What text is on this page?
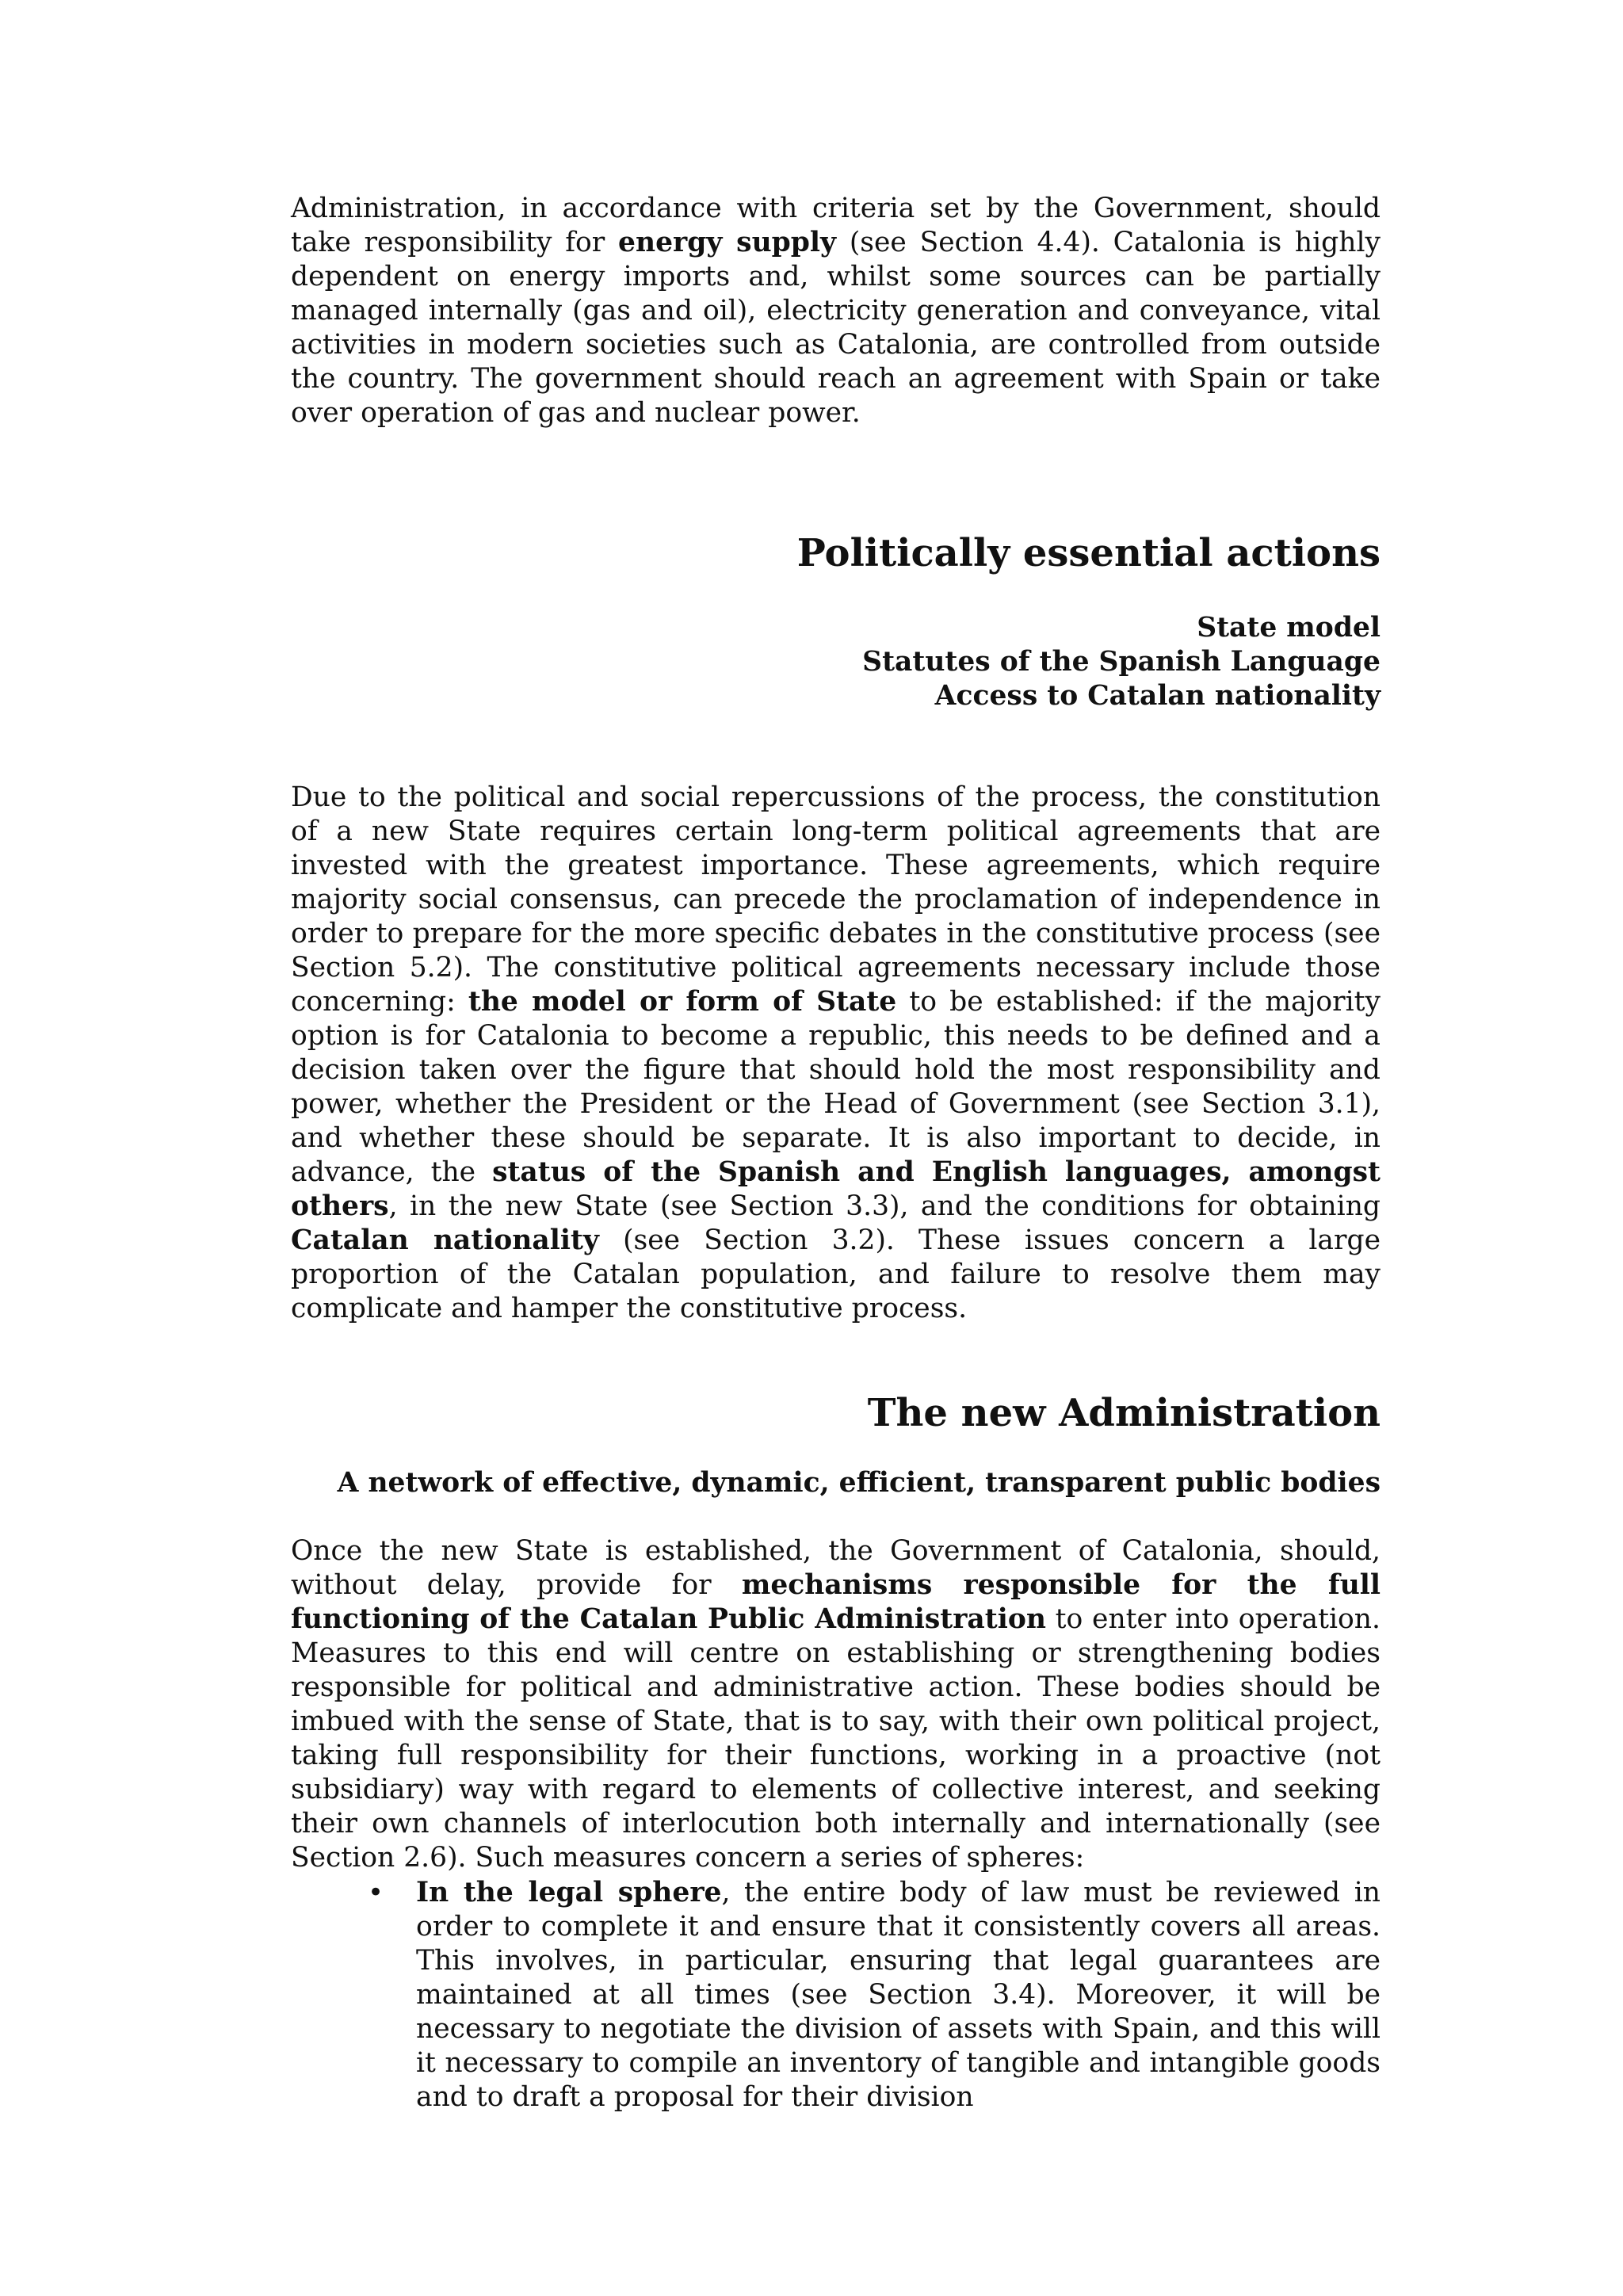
Administration, in accordance with criteria set by the Government, should take responsibility for energy supply (see Section 4.4). Catalonia is highly dependent on energy imports and, whilst some sources can be partially managed internally (gas and oil), electricity generation and conveyance, vital activities in modern societies such as Catalonia, are controlled from outside the country. The government should reach an agreement with Spain or take over operation of gas and nuclear power.

Politically essential actions
State model
Statutes of the Spanish Language
Access to Catalan nationality

Due to the political and social repercussions of the process, the constitution of a new State requires certain long-term political agreements that are invested with the greatest importance. These agreements, which require majority social consensus, can precede the proclamation of independence in order to prepare for the more specific debates in the constitutive process (see Section 5.2). The constitutive political agreements necessary include those concerning: the model or form of State to be established: if the majority option is for Catalonia to become a republic, this needs to be defined and a decision taken over the figure that should hold the most responsibility and power, whether the President or the Head of Government (see Section 3.1), and whether these should be separate. It is also important to decide, in advance, the status of the Spanish and English languages, amongst others, in the new State (see Section 3.3), and the conditions for obtaining Catalan nationality (see Section 3.2). These issues concern a large proportion of the Catalan population, and failure to resolve them may complicate and hamper the constitutive process.

The new Administration
A network of effective, dynamic, efficient, transparent public bodies

Once the new State is established, the Government of Catalonia, should, without delay, provide for mechanisms responsible for the full functioning of the Catalan Public Administration to enter into operation. Measures to this end will centre on establishing or strengthening bodies responsible for political and administrative action. These bodies should be imbued with the sense of State, that is to say, with their own political project, taking full responsibility for their functions, working in a proactive (not subsidiary) way with regard to elements of collective interest, and seeking their own channels of interlocution both internally and internationally (see Section 2.6). Such measures concern a series of spheres:

• In the legal sphere, the entire body of law must be reviewed in order to complete it and ensure that it consistently covers all areas. This involves, in particular, ensuring that legal guarantees are maintained at all times (see Section 3.4). Moreover, it will be necessary to negotiate the division of assets with Spain, and this will it necessary to compile an inventory of tangible and intangible goods and to draft a proposal for their division
